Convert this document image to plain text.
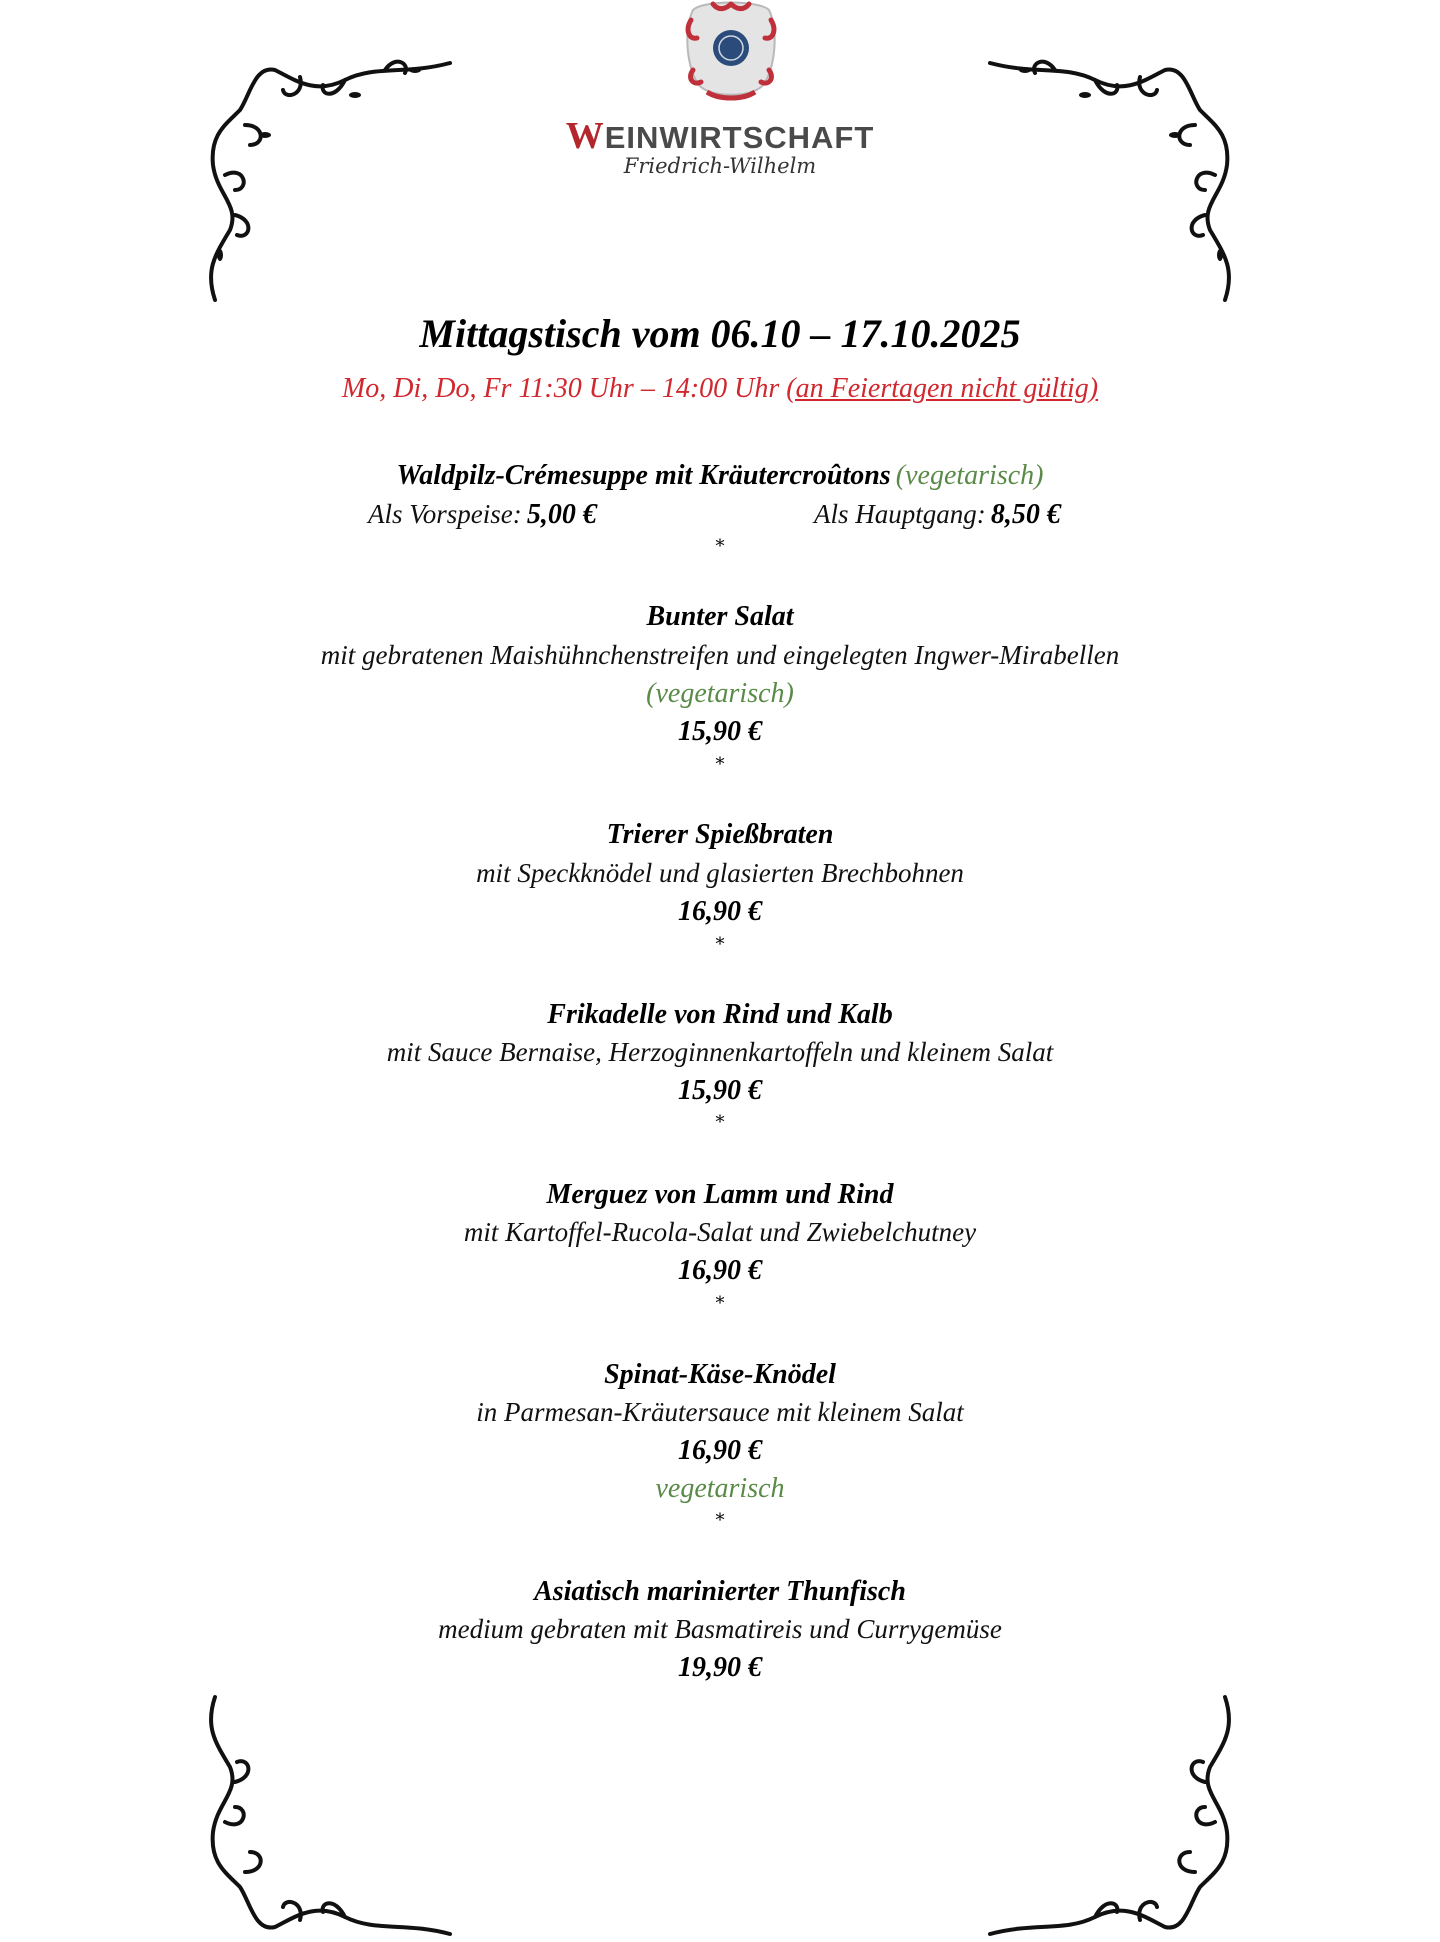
WEINWIRTSCHAFT
Friedrich-Wilhelm
Mittagstisch vom 06.10 – 17.10.2025
Mo, Di, Do, Fr 11:30 Uhr – 14:00 Uhr (an Feiertagen nicht gültig)
Waldpilz-Crémesuppe mit Kräutercroûtons (vegetarisch)
Als Vorspeise: 5,00 €	Als Hauptgang: 8,50 €
*
Bunter Salat
mit gebratenen Maishühnchenstreifen und eingelegten Ingwer-Mirabellen
(vegetarisch)
15,90 €
*
Trierer Spießbraten
mit Speckknödel und glasierten Brechbohnen
16,90 €
*
Frikadelle von Rind und Kalb
mit Sauce Bernaise, Herzoginnenkartoffeln und kleinem Salat
15,90 €
*
Merguez von Lamm und Rind
mit Kartoffel-Rucola-Salat und Zwiebelchutney
16,90 €
*
Spinat-Käse-Knödel
in Parmesan-Kräutersauce mit kleinem Salat
16,90 €
vegetarisch
*
Asiatisch marinierter Thunfisch
medium gebraten mit Basmatireis und Currygemüse
19,90 €
